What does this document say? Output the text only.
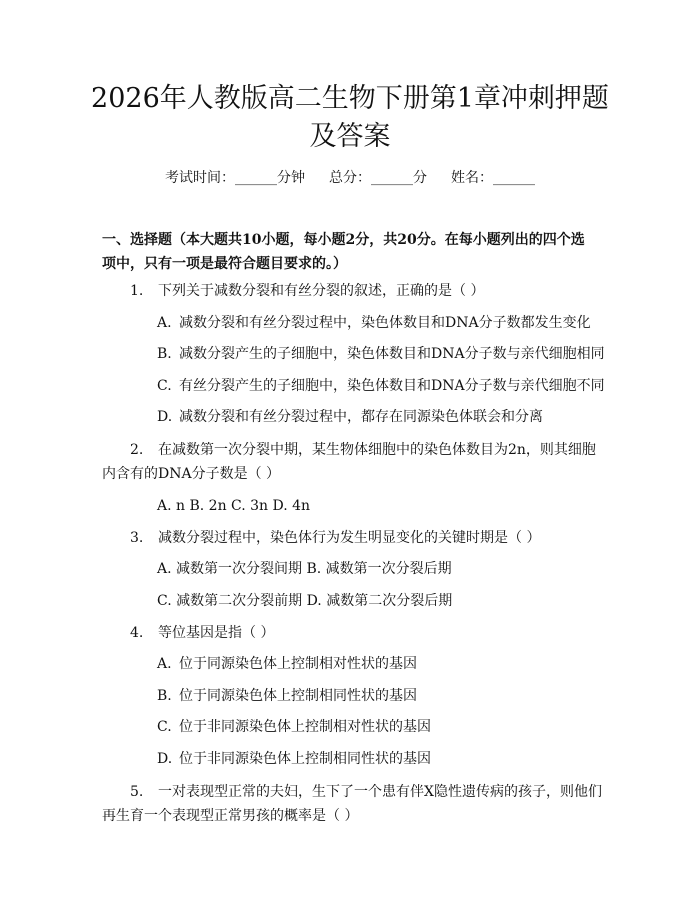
2026年人教版高二生物下册第1章冲刺押题
及答案
考试时间：______分钟 总分：______分 姓名：______
一、选择题（本大题共10小题，每小题2分，共20分。在每小题列出的四个选
项中，只有一项是最符合题目要求的。）
1. 下列关于减数分裂和有丝分裂的叙述，正确的是（ ）
A. 减数分裂和有丝分裂过程中，染色体数目和DNA分子数都发生变化
B. 减数分裂产生的子细胞中，染色体数目和DNA分子数与亲代细胞相同
C. 有丝分裂产生的子细胞中，染色体数目和DNA分子数与亲代细胞不同
D. 减数分裂和有丝分裂过程中，都存在同源染色体联会和分离
2. 在减数第一次分裂中期，某生物体细胞中的染色体数目为2n，则其细胞
内含有的DNA分子数是（ ）
A. n B. 2n C. 3n D. 4n
3. 减数分裂过程中，染色体行为发生明显变化的关键时期是（ ）
A. 减数第一次分裂间期 B. 减数第一次分裂后期
C. 减数第二次分裂前期 D. 减数第二次分裂后期
4. 等位基因是指（ ）
A. 位于同源染色体上控制相对性状的基因
B. 位于同源染色体上控制相同性状的基因
C. 位于非同源染色体上控制相对性状的基因
D. 位于非同源染色体上控制相同性状的基因
5. 一对表现型正常的夫妇，生下了一个患有伴X隐性遗传病的孩子，则他们
再生育一个表现型正常男孩的概率是（ ）
